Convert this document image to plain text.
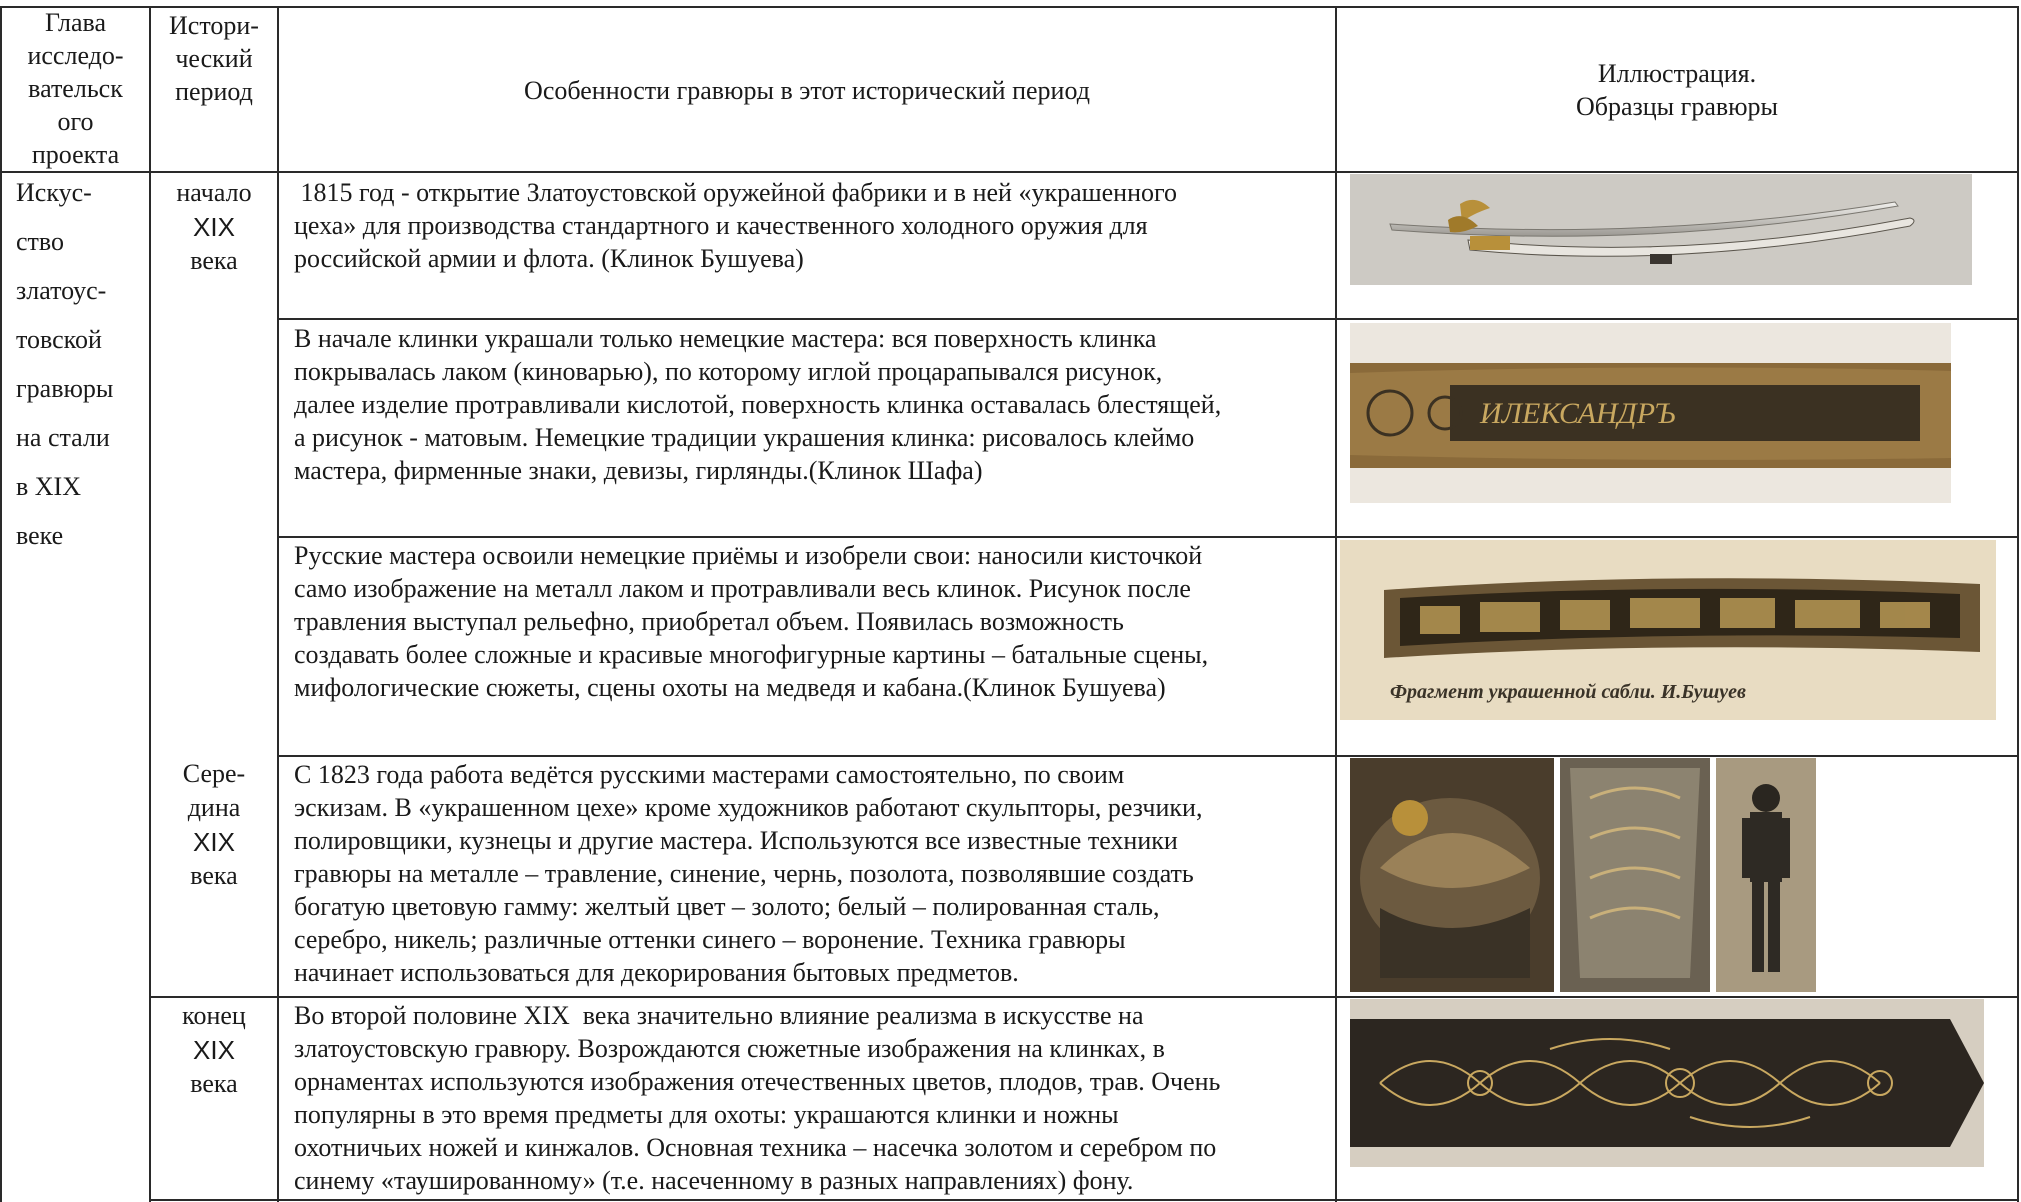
Глава
исследо-
вательск
ого
проекта
Истори-
ческий
период	Особенности гравюры в этот исторический период
Иллюстрация.
Образцы гравюры
Искус-
ство
златоус-
товской
гравюры
на стали
в XIX
веке
начало
XIX
века
Сере-
дина
XIX
века
конец
XIX
века
1815 год - открытие Златоустовской оружейной фабрики и в ней «украшенного
цеха» для производства стандартного и качественного холодного оружия для
российской армии и флота. (Клинок Бушуева)
В начале клинки украшали только немецкие мастера: вся поверхность клинка
покрывалась лаком (киноварью), по которому иглой процарапывался рисунок,
далее изделие протравливали кислотой, поверхность клинка оставалась блестящей,
а рисунок - матовым. Немецкие традиции украшения клинка: рисовалось клеймо
мастера, фирменные знаки, девизы, гирлянды.(Клинок Шафа)
Русские мастера освоили немецкие приёмы и изобрели свои: наносили кисточкой
само изображение на металл лаком и протравливали весь клинок. Рисунок после
травления выступал рельефно, приобретал объем. Появилась возможность
создавать более сложные и красивые многофигурные картины – батальные сцены,
мифологические сюжеты, сцены охоты на медведя и кабана.(Клинок Бушуева)
С 1823 года работа ведётся русскими мастерами самостоятельно, по своим
эскизам. В «украшенном цехе» кроме художников работают скульпторы, резчики,
полировщики, кузнецы и другие мастера. Используются все известные техники
гравюры на металле – травление, синение, чернь, позолота, позволявшие создать
богатую цветовую гамму: желтый цвет – золото; белый – полированная сталь,
серебро, никель; различные оттенки синего – воронение. Техника гравюры
начинает использоваться для декорирования бытовых предметов.
Во второй половине XIX  века значительно влияние реализма в искусстве на
златоустовскую гравюру. Возрождаются сюжетные изображения на клинках, в
орнаментах используются изображения отечественных цветов, плодов, трав. Очень
популярны в это время предметы для охоты: украшаются клинки и ножны
охотничьих ножей и кинжалов. Основная техника – насечка золотом и серебром по
синему «таушированному» (т.е. насеченному в разных направлениях) фону.
ИЛЕКСАНДРЪ
Фрагмент украшенной сабли. И.Бушуев
